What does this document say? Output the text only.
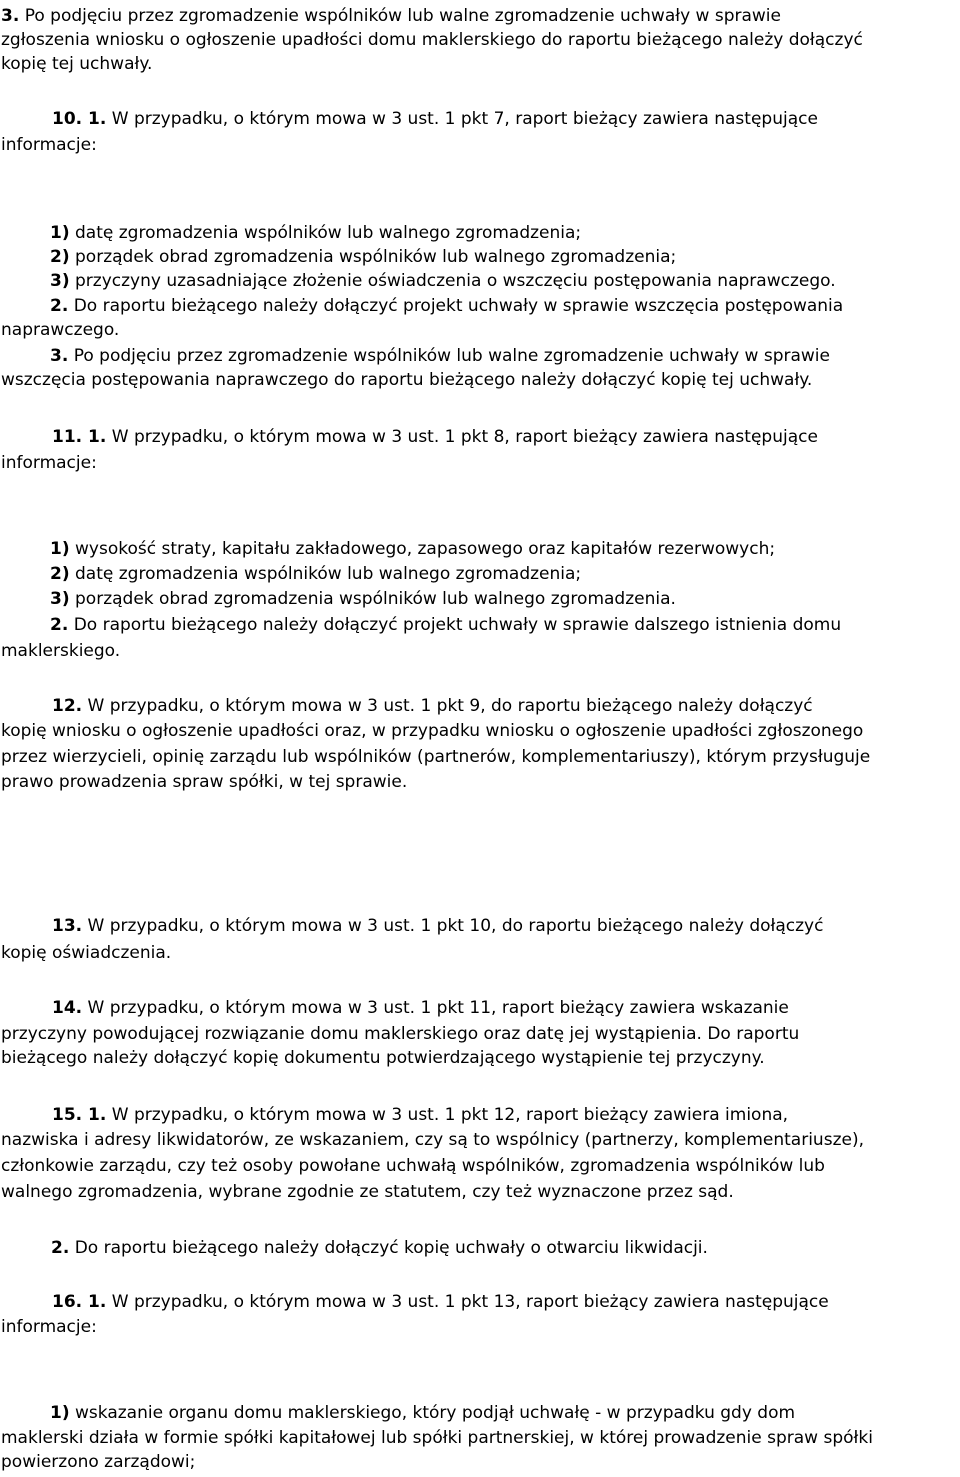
3. Po podjęciu przez zgromadzenie wspólników lub walne zgromadzenie uchwały w sprawie
zgłoszenia wniosku o ogłoszenie upadłości domu maklerskiego do raportu bieżącego należy dołączyć
kopię tej uchwały.
10. 1. W przypadku, o którym mowa w 3 ust. 1 pkt 7, raport bieżący zawiera następujące
informacje:
1) datę zgromadzenia wspólników lub walnego zgromadzenia;
2) porządek obrad zgromadzenia wspólników lub walnego zgromadzenia;
3) przyczyny uzasadniające złożenie oświadczenia o wszczęciu postępowania naprawczego.
2. Do raportu bieżącego należy dołączyć projekt uchwały w sprawie wszczęcia postępowania
naprawczego.
3. Po podjęciu przez zgromadzenie wspólników lub walne zgromadzenie uchwały w sprawie
wszczęcia postępowania naprawczego do raportu bieżącego należy dołączyć kopię tej uchwały.
11. 1. W przypadku, o którym mowa w 3 ust. 1 pkt 8, raport bieżący zawiera następujące
informacje:
1) wysokość straty, kapitału zakładowego, zapasowego oraz kapitałów rezerwowych;
2) datę zgromadzenia wspólników lub walnego zgromadzenia;
3) porządek obrad zgromadzenia wspólników lub walnego zgromadzenia.
2. Do raportu bieżącego należy dołączyć projekt uchwały w sprawie dalszego istnienia domu
maklerskiego.
12. W przypadku, o którym mowa w 3 ust. 1 pkt 9, do raportu bieżącego należy dołączyć
kopię wniosku o ogłoszenie upadłości oraz, w przypadku wniosku o ogłoszenie upadłości zgłoszonego
przez wierzycieli, opinię zarządu lub wspólników (partnerów, komplementariuszy), którym przysługuje
prawo prowadzenia spraw spółki, w tej sprawie.
13. W przypadku, o którym mowa w 3 ust. 1 pkt 10, do raportu bieżącego należy dołączyć
kopię oświadczenia.
14. W przypadku, o którym mowa w 3 ust. 1 pkt 11, raport bieżący zawiera wskazanie
przyczyny powodującej rozwiązanie domu maklerskiego oraz datę jej wystąpienia. Do raportu
bieżącego należy dołączyć kopię dokumentu potwierdzającego wystąpienie tej przyczyny.
15. 1. W przypadku, o którym mowa w 3 ust. 1 pkt 12, raport bieżący zawiera imiona,
nazwiska i adresy likwidatorów, ze wskazaniem, czy są to wspólnicy (partnerzy, komplementariusze),
członkowie zarządu, czy też osoby powołane uchwałą wspólników, zgromadzenia wspólników lub
walnego zgromadzenia, wybrane zgodnie ze statutem, czy też wyznaczone przez sąd.
2. Do raportu bieżącego należy dołączyć kopię uchwały o otwarciu likwidacji.
16. 1. W przypadku, o którym mowa w 3 ust. 1 pkt 13, raport bieżący zawiera następujące
informacje:
1) wskazanie organu domu maklerskiego, który podjął uchwałę - w przypadku gdy dom
maklerski działa w formie spółki kapitałowej lub spółki partnerskiej, w której prowadzenie spraw spółki
powierzono zarządowi;
